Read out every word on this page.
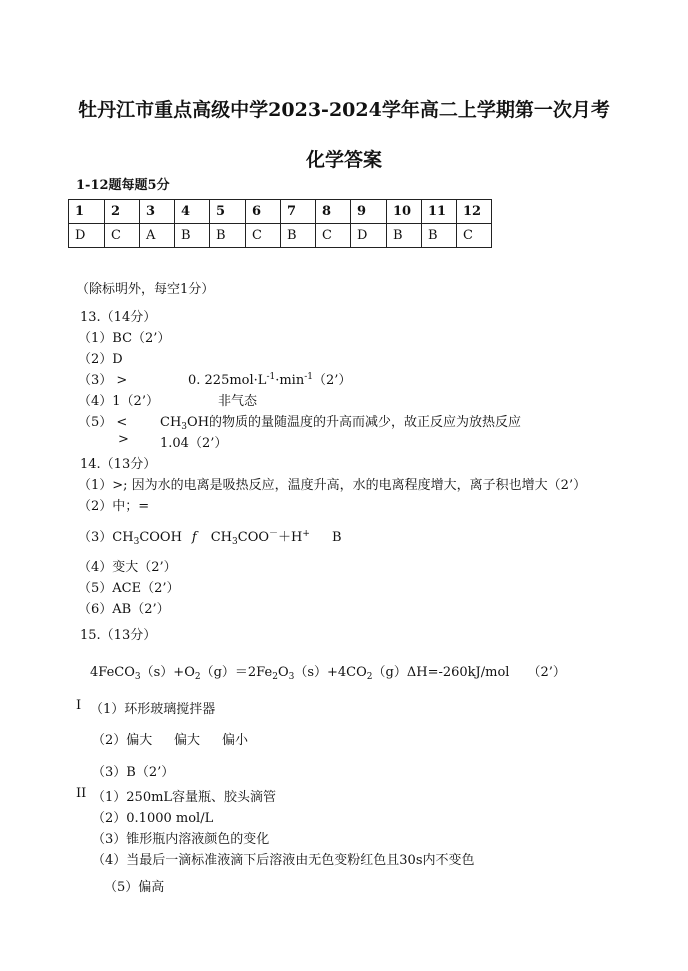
牡丹江市重点高级中学2023-2024学年高二上学期第一次月考
化学答案
1-12题每题5分
1	2	3	4	5	6	7	8	9	10	11	12
D	C	A	B	B	C	B	C	D	B	B	C
（除标明外，每空1分）
13.（14分）
（1）BC（2’）
（2）D
（3） >	0. $225mol\cdot L^{-1}\cdot\min^{-1}(2’)$
（4）1（2’）	非气态
（5） <	$CH_3OH$的物质的量随温度的升高而减少，故正反应为放热反应
> 1.04（2’）
14.（13分）
（1）>; 因为水的电离是吸热反应，温度升高，水的电离程度增大，离子积也增大（2’）
（2）中；=
$(3)CH_3COOH$ f $CH_3COO^-+H^+$ B
（4）变大（2’）
（5）ACE（2’）
（6）AB（2’）
15.（13分）
$4FeCO_3(s)+O_2(g)=2Fe_2O_3(s)+4CO_2(g)\Delta H=-260kJ$/mol （2’）
I （1）环形玻璃搅拌器
（2）偏大 偏大 偏小
（3）B（2’）
II （1）250mL容量瓶、胶头滴管
（2）0.1000 mol/L
（3）锥形瓶内溶液颜色的变化
（4）当最后一滴标准液滴下后溶液由无色变粉红色且30s内不变色
（5）偏高
